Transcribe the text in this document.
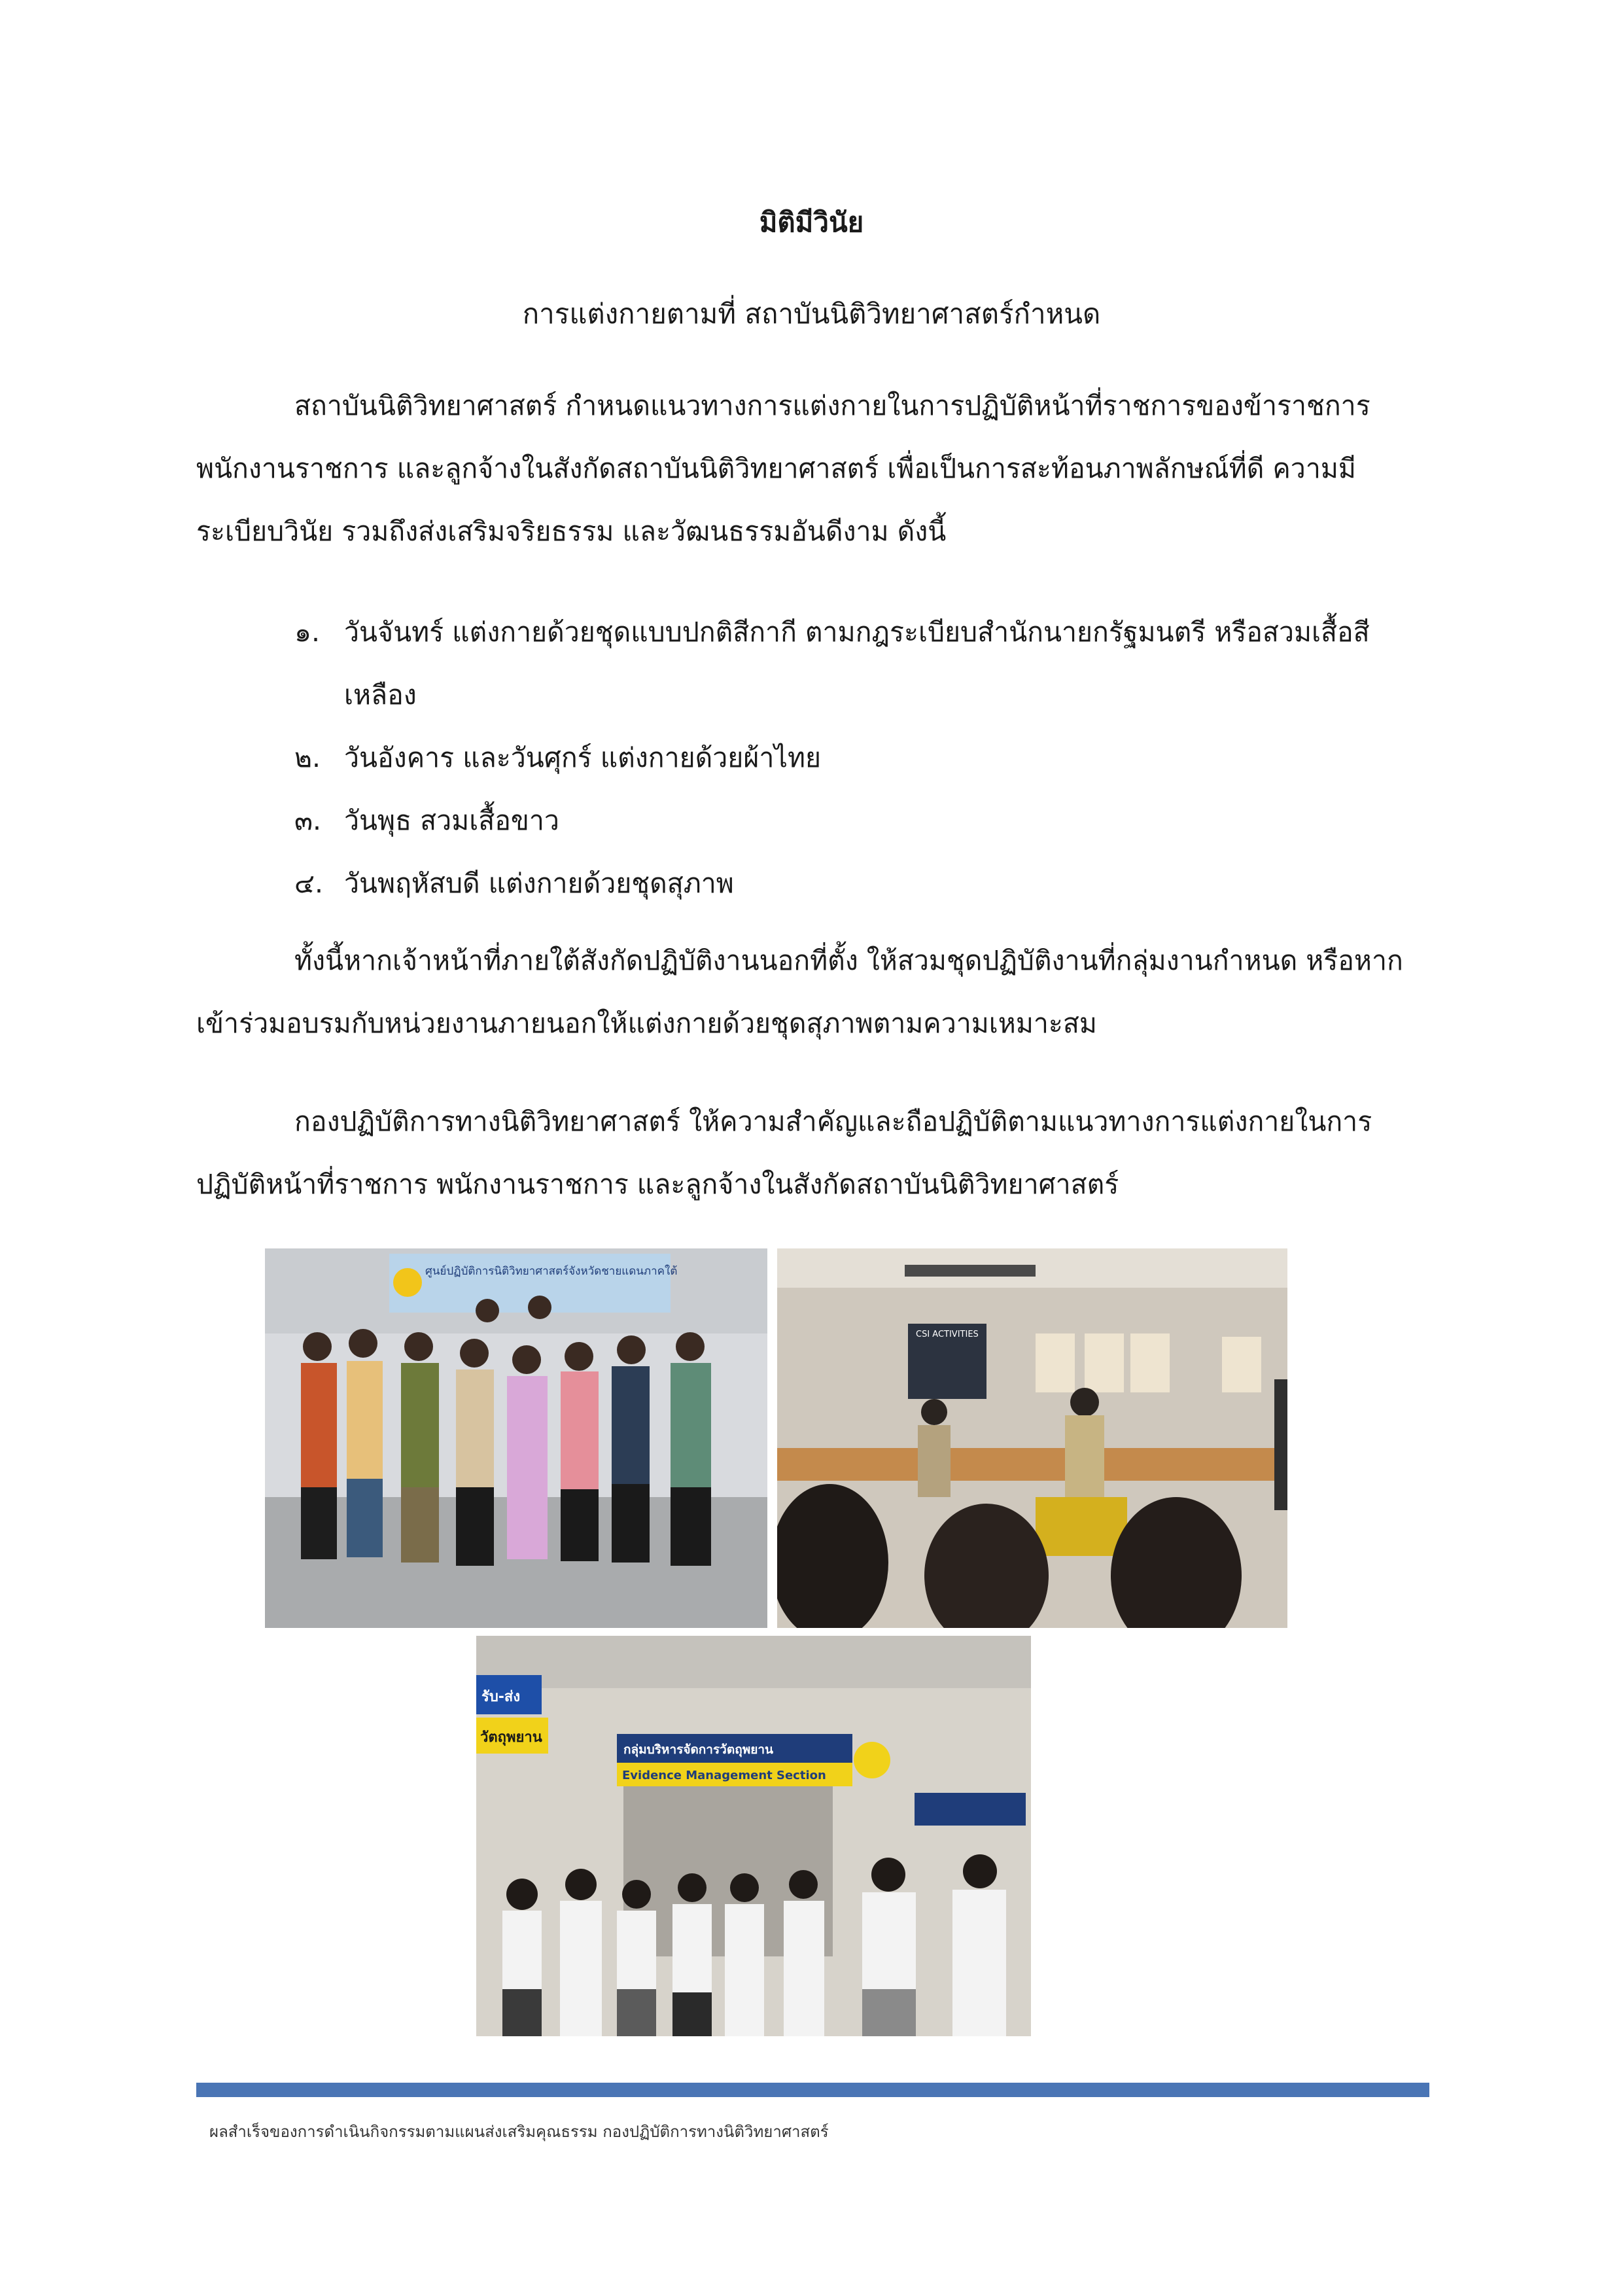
มิติมีวินัย
การแต่งกายตามที่ สถาบันนิติวิทยาศาสตร์กำหนด

สถาบันนิติวิทยาศาสตร์ กำหนดแนวทางการแต่งกายในการปฏิบัติหน้าที่ราชการของข้าราชการ พนักงานราชการ และลูกจ้างในสังกัดสถาบันนิติวิทยาศาสตร์ เพื่อเป็นการสะท้อนภาพลักษณ์ที่ดี ความมีระเบียบวินัย รวมถึงส่งเสริมจริยธรรม และวัฒนธรรมอันดีงาม ดังนี้

๑. วันจันทร์ แต่งกายด้วยชุดแบบปกติสีกากี ตามกฎระเบียบสำนักนายกรัฐมนตรี หรือสวมเสื้อสีเหลือง
๒. วันอังคาร และวันศุกร์ แต่งกายด้วยผ้าไทย
๓. วันพุธ สวมเสื้อขาว
๔. วันพฤหัสบดี แต่งกายด้วยชุดสุภาพ

ทั้งนี้หากเจ้าหน้าที่ภายใต้สังกัดปฏิบัติงานนอกที่ตั้ง ให้สวมชุดปฏิบัติงานที่กลุ่มงานกำหนด หรือหากเข้าร่วมอบรมกับหน่วยงานภายนอกให้แต่งกายด้วยชุดสุภาพตามความเหมาะสม

กองปฏิบัติการทางนิติวิทยาศาสตร์ ให้ความสำคัญและถือปฏิบัติตามแนวทางการแต่งกายในการปฏิบัติหน้าที่ราชการ พนักงานราชการ และลูกจ้างในสังกัดสถาบันนิติวิทยาศาสตร์

ศูนย์ปฏิบัติการนิติวิทยาศาสตร์จังหวัดชายแดนภาคใต้
CSI ACTIVITIES
รับ-ส่ง
วัตถุพยาน
กลุ่มบริหารจัดการวัตถุพยาน
Evidence Management Section
ผลสำเร็จของการดำเนินกิจกรรมตามแผนส่งเสริมคุณธรรม กองปฏิบัติการทางนิติวิทยาศาสตร์
